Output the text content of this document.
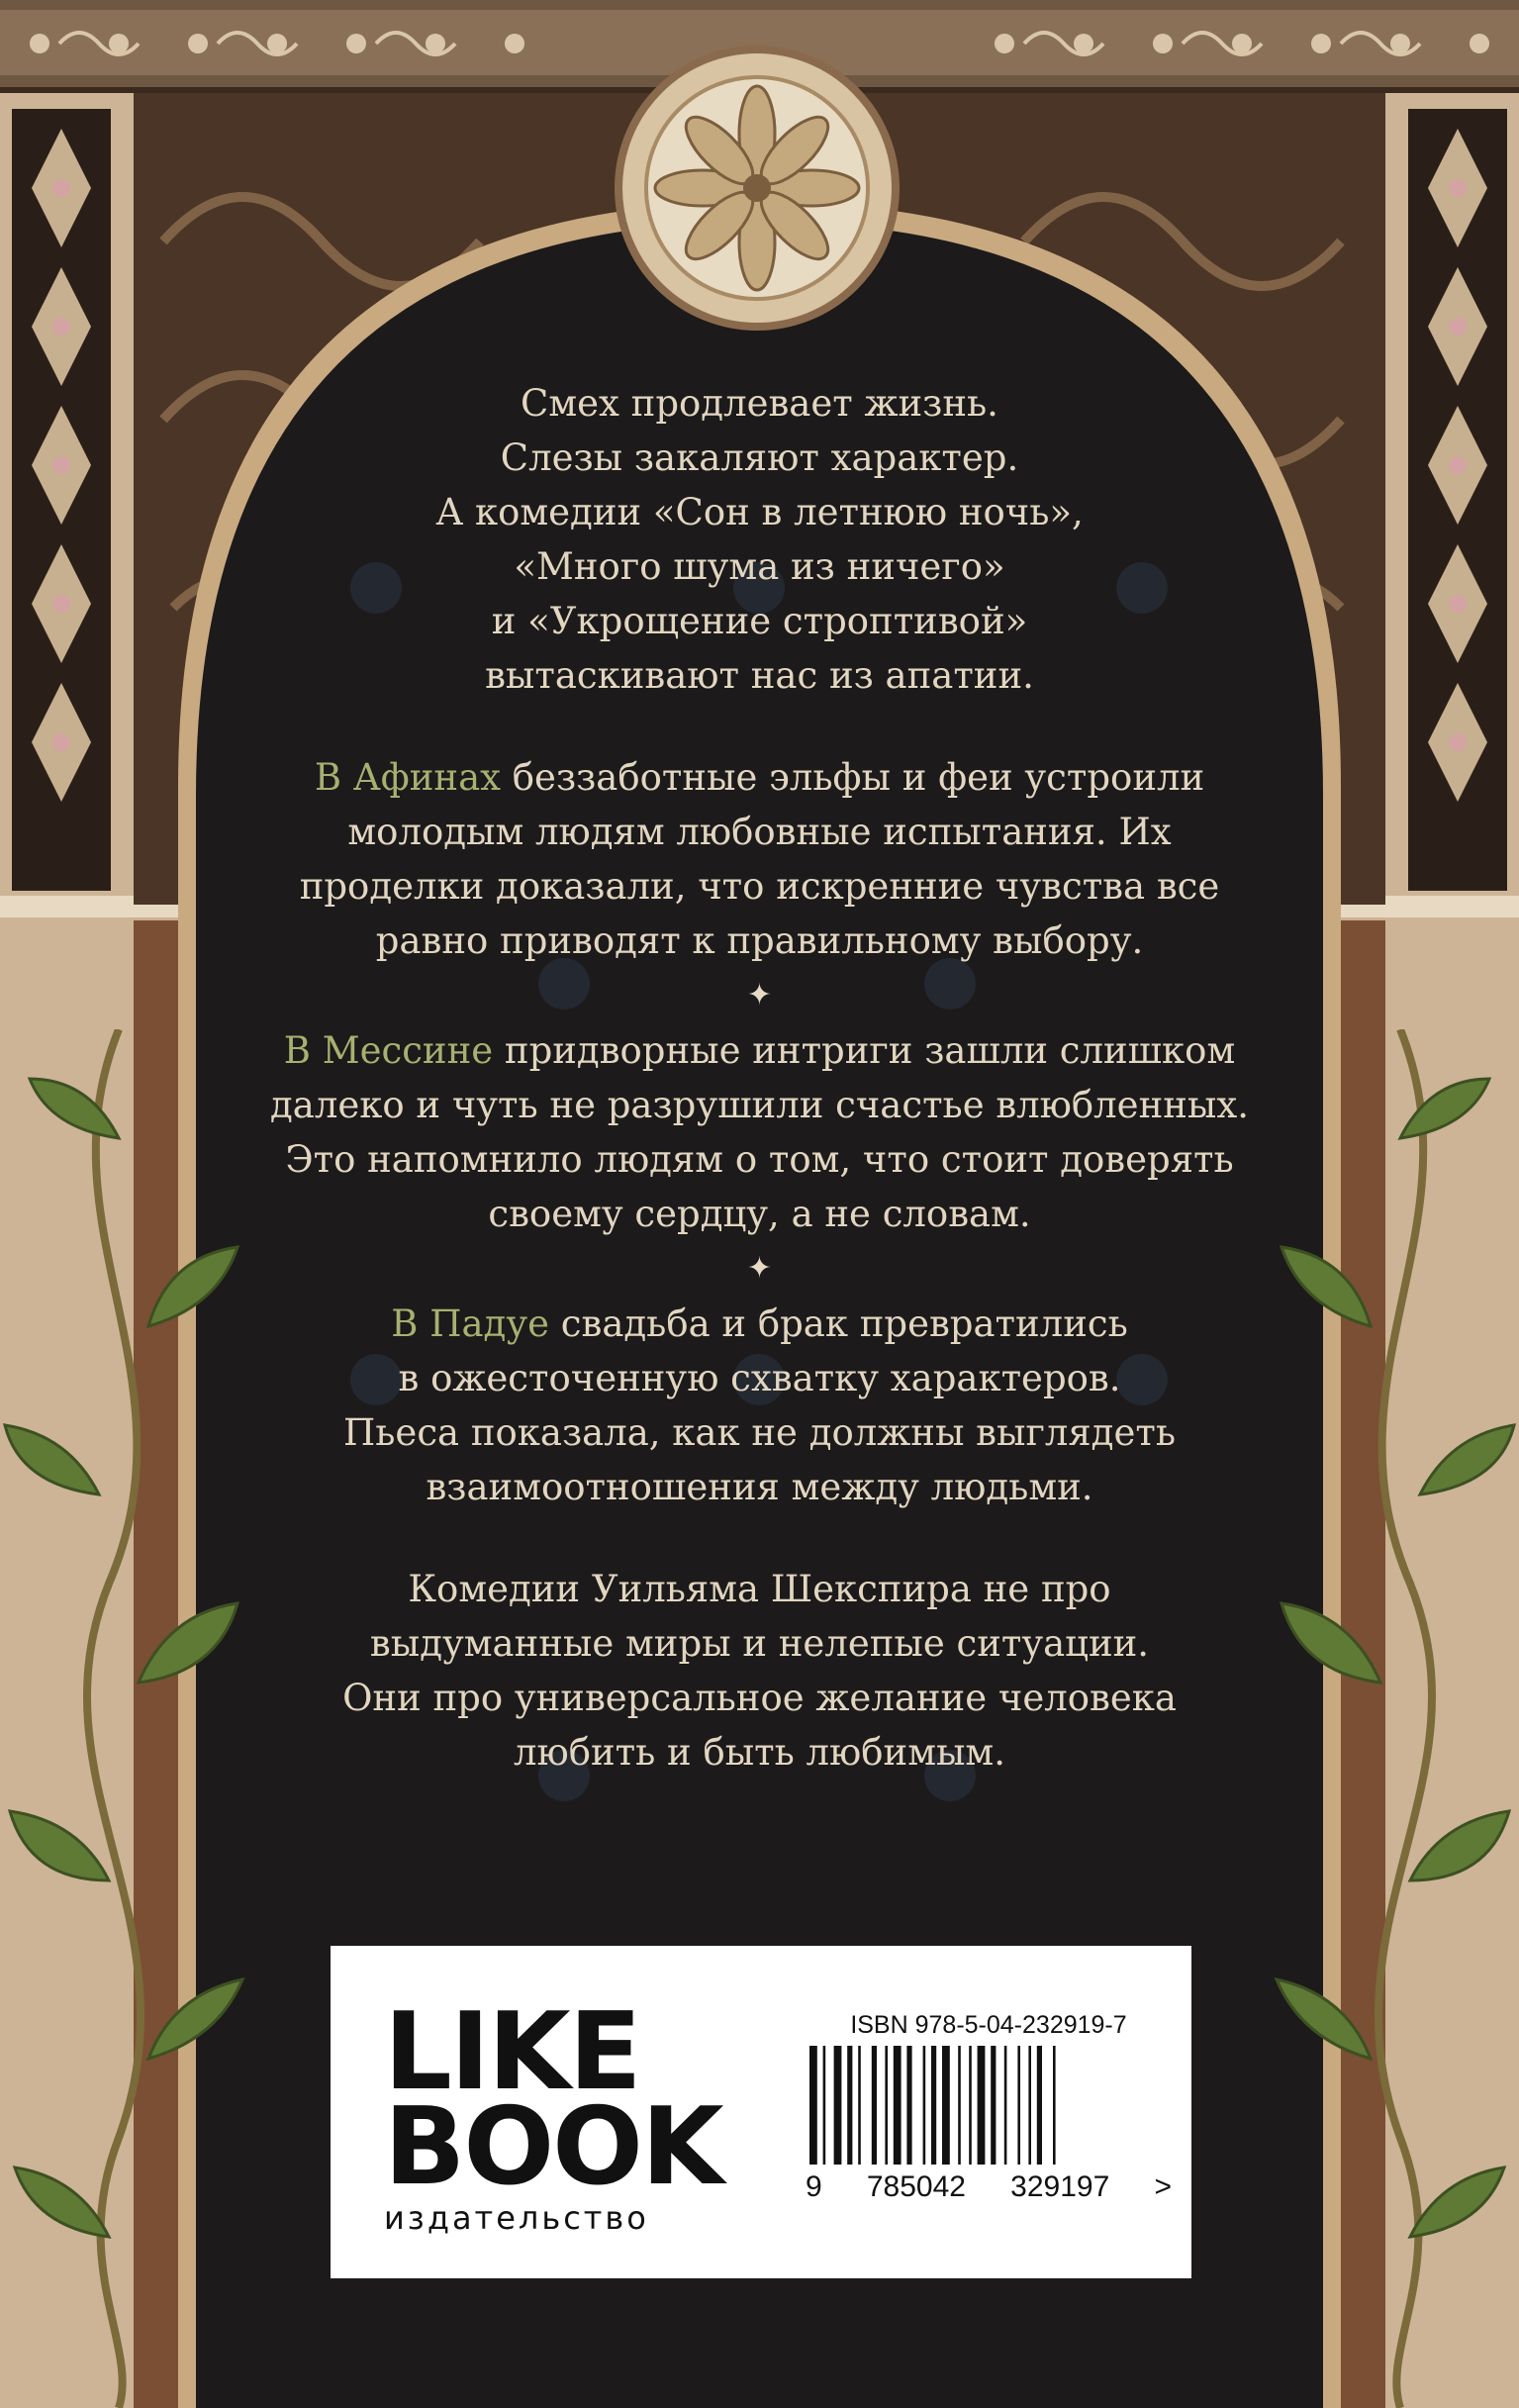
Смех продлевает жизнь.
Слезы закаляют характер.
А комедии «Сон в летнюю ночь»,
«Много шума из ничего»
и «Укрощение строптивой»
вытаскивают нас из апатии.

В Афинах беззаботные эльфы и феи устроили
молодым людям любовные испытания. Их
проделки доказали, что искренние чувства все
равно приводят к правильному выбору.

✦

В Мессине придворные интриги зашли слишком
далеко и чуть не разрушили счастье влюбленных.
Это напомнило людям о том, что стоит доверять
своему сердцу, а не словам.

✦

В Падуе свадьба и брак превратились
в ожесточенную схватку характеров.
Пьеса показала, как не должны выглядеть
взаимоотношения между людьми.

Комедии Уильяма Шекспира не про
выдуманные миры и нелепые ситуации.
Они про универсальное желание человека
любить и быть любимым.

LIKE
BOOK
издательство
ISBN 978-5-04-232919-7
9 785042 329197 >
